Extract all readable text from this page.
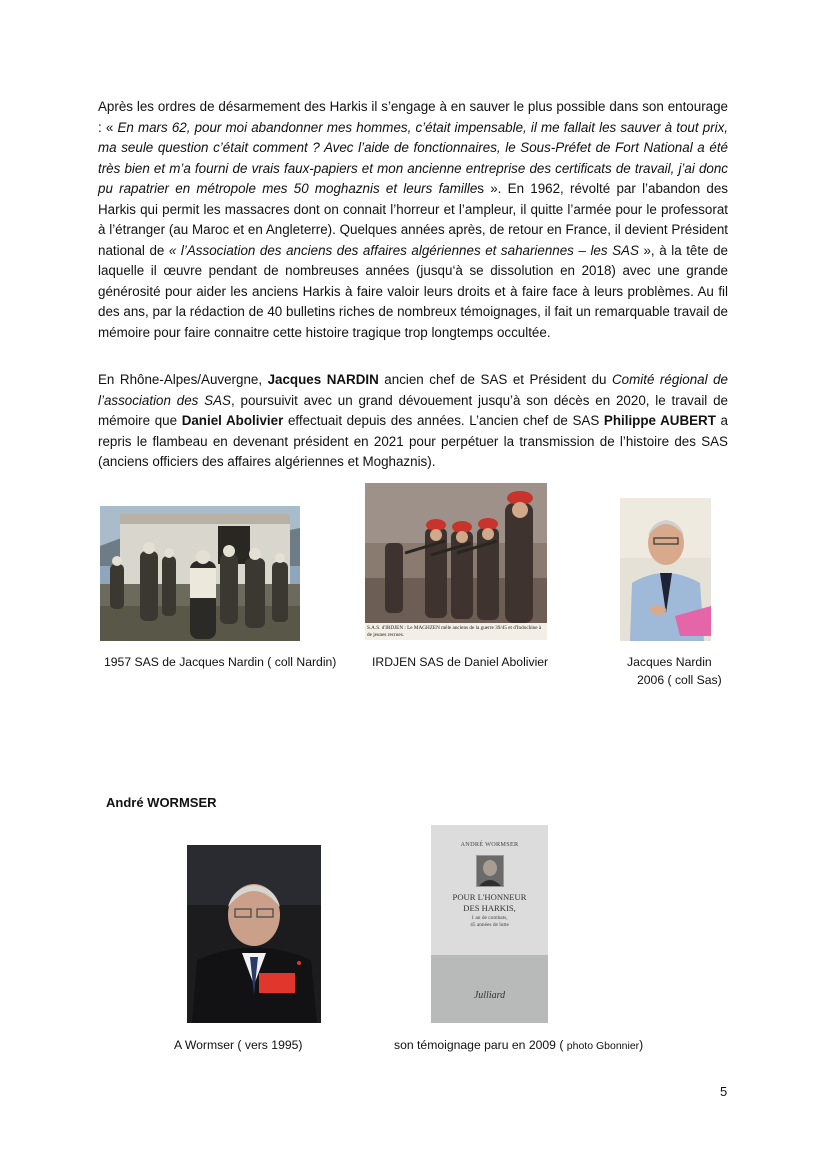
Après les ordres de désarmement des Harkis il s’engage à en sauver le plus possible dans son entourage : « En mars 62, pour moi abandonner mes hommes, c’était impensable, il me fallait les sauver à tout prix, ma seule question c’était comment ? Avec l’aide de fonctionnaires, le Sous-Préfet de Fort National a été très bien et m’a fourni de vrais faux-papiers et mon ancienne entreprise des certificats de travail, j’ai donc pu rapatrier en métropole mes 50 moghaznis et leurs familles ». En 1962, révolté par l’abandon des Harkis qui permit les massacres dont on connait l’horreur et l’ampleur, il quitte l’armée pour le professorat à l’étranger (au Maroc et en Angleterre). Quelques années après, de retour en France, il devient Président national de « l’Association des anciens des affaires algériennes et sahariennes – les SAS », à la tête de laquelle il œuvre pendant de nombreuses années (jusqu‘à se dissolution en 2018) avec une grande générosité pour aider les anciens Harkis à faire valoir leurs droits et à faire face à leurs problèmes. Au fil des ans, par la rédaction de 40 bulletins riches de nombreux témoignages, il fait un remarquable travail de mémoire pour faire connaitre cette histoire tragique trop longtemps occultée.
En Rhône-Alpes/Auvergne, Jacques NARDIN ancien chef de SAS et Président du Comité régional de l’association des SAS, poursuivit avec un grand dévouement jusqu’à son décès en 2020, le travail de mémoire que Daniel Abolivier effectuait depuis des années. L’ancien chef de SAS Philippe AUBERT a repris le flambeau en devenant président en 2021 pour perpétuer la transmission de l’histoire des SAS (anciens officiers des affaires algériennes et Moghaznis).
S.A.S. d'IRDJEN : Le MAGHZEN mêle anciens de la guerre 39/45 et d'Indochine à de jeunes recrues.
1957 SAS de Jacques Nardin ( coll Nardin)	IRDJEN SAS de Daniel Abolivier	Jacques Nardin
2006 ( coll Sas)
André WORMSER
ANDRÉ WORMSER
POUR L'HONNEUR
DES HARKIS,
1 an de combats,
45 années de lutte
Julliard
A Wormser ( vers 1995)	son témoignage paru en 2009 ( photo Gbonnier)
5
